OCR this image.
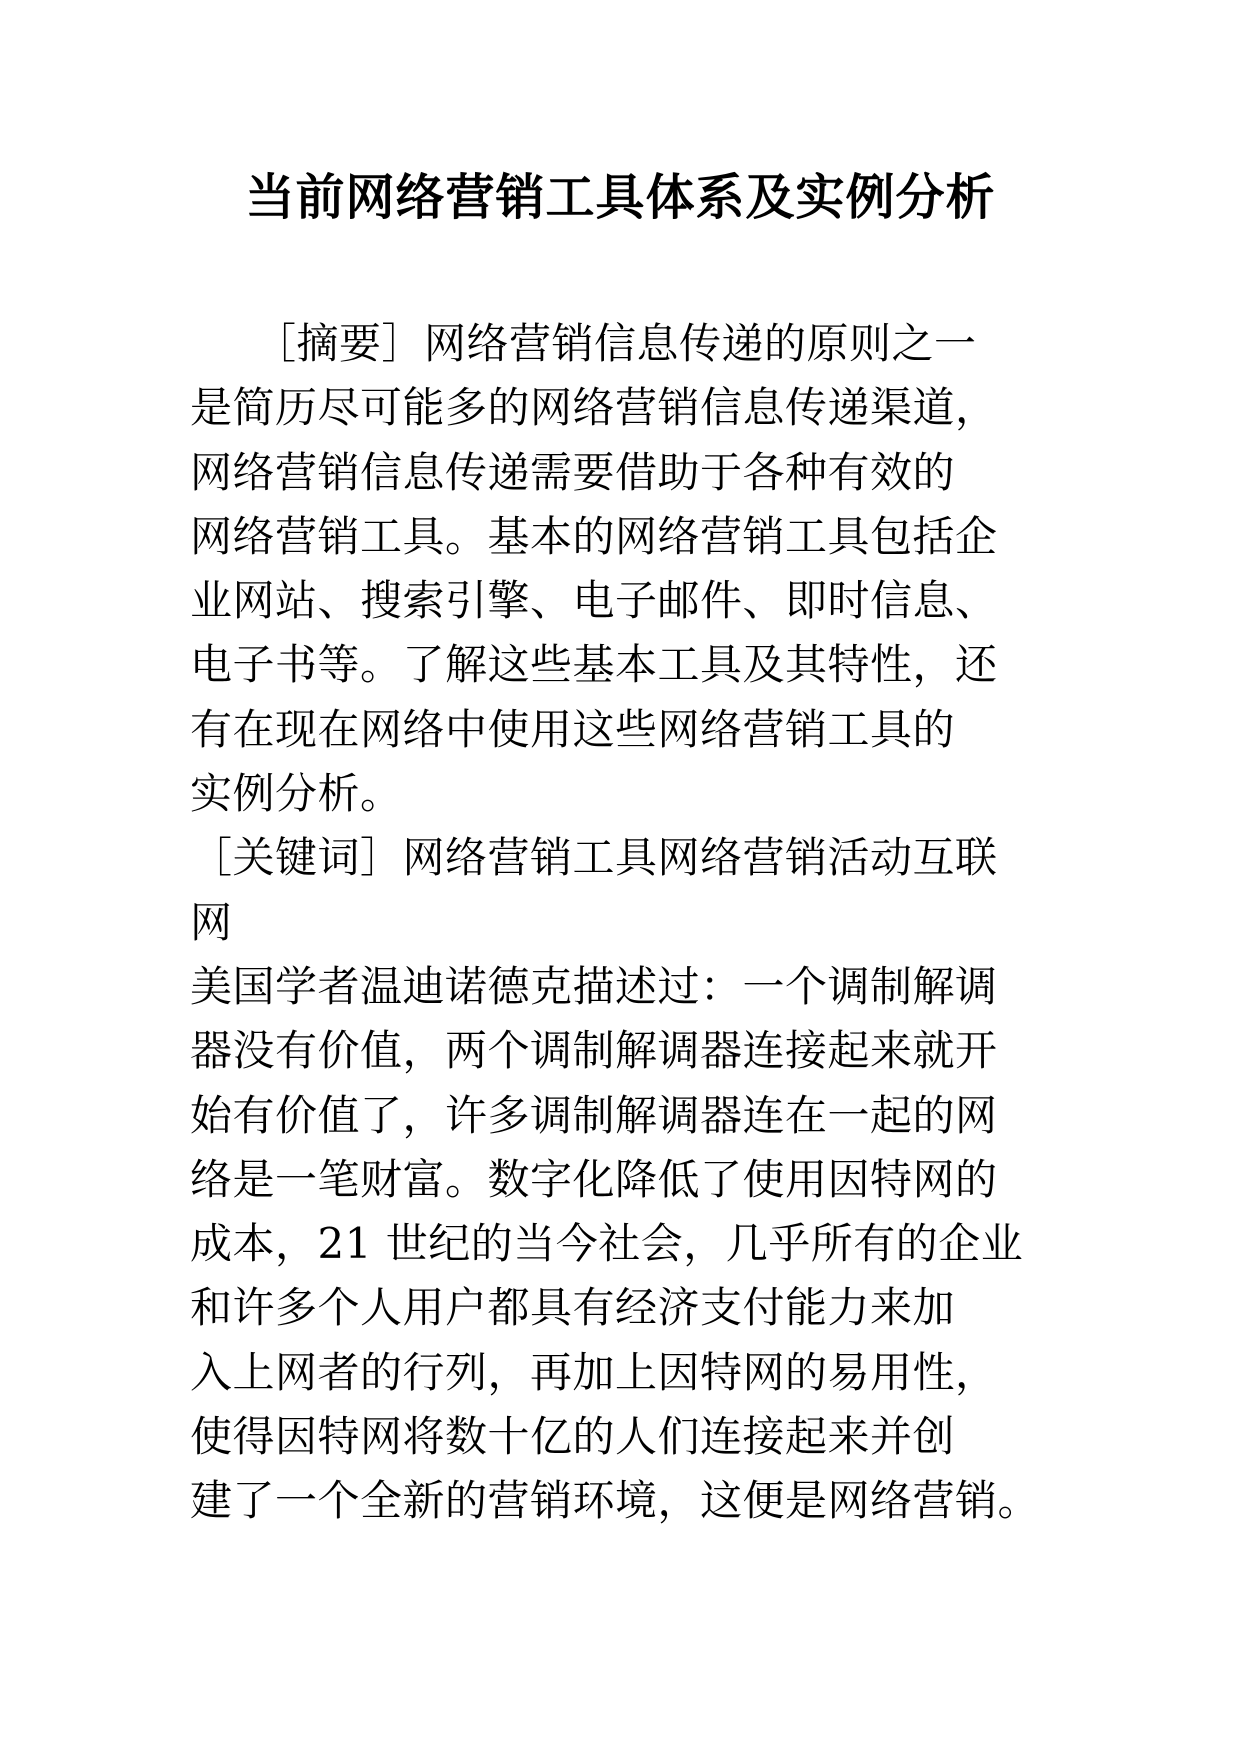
当前网络营销工具体系及实例分析
　　［摘要］网络营销信息传递的原则之一
是简历尽可能多的网络营销信息传递渠道，
网络营销信息传递需要借助于各种有效的
网络营销工具。基本的网络营销工具包括企
业网站、搜索引擎、电子邮件、即时信息、
电子书等。了解这些基本工具及其特性，还
有在现在网络中使用这些网络营销工具的
实例分析。
［关键词］网络营销工具网络营销活动互联
网
美国学者温迪诺德克描述过：一个调制解调
器没有价值，两个调制解调器连接起来就开
始有价值了，许多调制解调器连在一起的网
络是一笔财富。数字化降低了使用因特网的
成本，21 世纪的当今社会，几乎所有的企业
和许多个人用户都具有经济支付能力来加
入上网者的行列，再加上因特网的易用性，
使得因特网将数十亿的人们连接起来并创
建了一个全新的营销环境，这便是网络营销。
